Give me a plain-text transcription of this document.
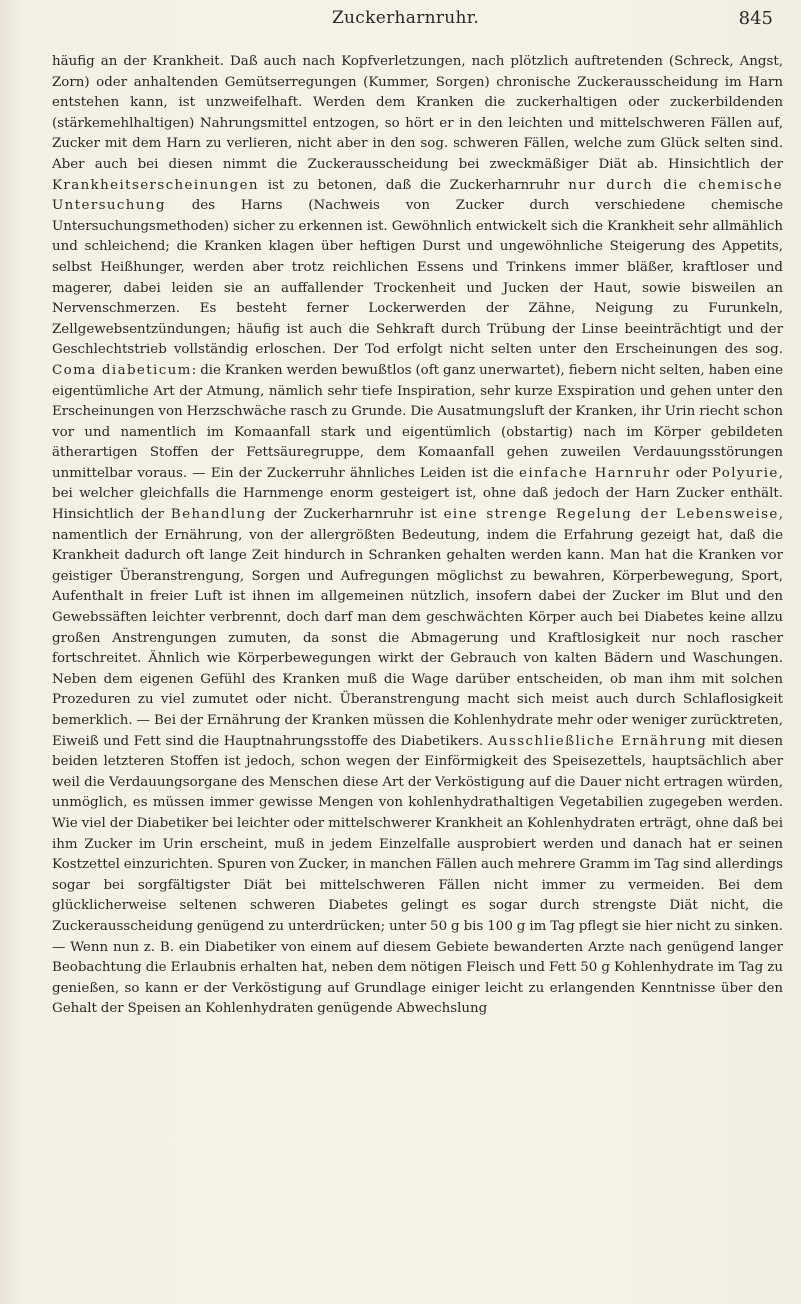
Zuckerharnruhr.	845

häufig an der Krankheit. Daß auch nach Kopfverletzungen, nach plötzlich auftretenden (Schreck, Angst, Zorn) oder anhaltenden Gemütserregungen (Kummer, Sorgen) chronische Zuckerausscheidung im Harn entstehen kann, ist unzweifelhaft. Werden dem Kranken die zuckerhaltigen oder zuckerbildenden (stärkemehlhaltigen) Nahrungsmittel entzogen, so hört er in den leichten und mittelschweren Fällen auf, Zucker mit dem Harn zu verlieren, nicht aber in den sog. schweren Fällen, welche zum Glück selten sind. Aber auch bei diesen nimmt die Zuckerausscheidung bei zweckmäßiger Diät ab. Hinsichtlich der Krankheitserscheinungen ist zu betonen, daß die Zuckerharnruhr nur durch die chemische Untersuchung des Harns (Nachweis von Zucker durch verschiedene chemische Untersuchungsmethoden) sicher zu erkennen ist. Gewöhnlich entwickelt sich die Krankheit sehr allmählich und schleichend; die Kranken klagen über heftigen Durst und ungewöhnliche Steigerung des Appetits, selbst Heißhunger, werden aber trotz reichlichen Essens und Trinkens immer bläßer, kraftloser und magerer, dabei leiden sie an auffallender Trockenheit und Jucken der Haut, sowie bisweilen an Nervenschmerzen. Es besteht ferner Lockerwerden der Zähne, Neigung zu Furunkeln, Zellgewebsentzündungen; häufig ist auch die Sehkraft durch Trübung der Linse beeinträchtigt und der Geschlechtstrieb vollständig erloschen. Der Tod erfolgt nicht selten unter den Erscheinungen des sog. Coma diabeticum: die Kranken werden bewußtlos (oft ganz unerwartet), fiebern nicht selten, haben eine eigentümliche Art der Atmung, nämlich sehr tiefe Inspiration, sehr kurze Exspiration und gehen unter den Erscheinungen von Herzschwäche rasch zu Grunde. Die Ausatmungsluft der Kranken, ihr Urin riecht schon vor und namentlich im Komaanfall stark und eigentümlich (obstartig) nach im Körper gebildeten ätherartigen Stoffen der Fettsäuregruppe, dem Komaanfall gehen zuweilen Verdauungsstörungen unmittelbar voraus. — Ein der Zuckerruhr ähnliches Leiden ist die einfache Harnruhr oder Polyurie, bei welcher gleichfalls die Harnmenge enorm gesteigert ist, ohne daß jedoch der Harn Zucker enthält. Hinsichtlich der Behandlung der Zuckerharnruhr ist eine strenge Regelung der Lebensweise, namentlich der Ernährung, von der allergrößten Bedeutung, indem die Erfahrung gezeigt hat, daß die Krankheit dadurch oft lange Zeit hindurch in Schranken gehalten werden kann. Man hat die Kranken vor geistiger Überanstrengung, Sorgen und Aufregungen möglichst zu bewahren, Körperbewegung, Sport, Aufenthalt in freier Luft ist ihnen im allgemeinen nützlich, insofern dabei der Zucker im Blut und den Gewebssäften leichter verbrennt, doch darf man dem geschwächten Körper auch bei Diabetes keine allzu großen Anstrengungen zumuten, da sonst die Abmagerung und Kraftlosigkeit nur noch rascher fortschreitet. Ähnlich wie Körperbewegungen wirkt der Gebrauch von kalten Bädern und Waschungen. Neben dem eigenen Gefühl des Kranken muß die Wage darüber entscheiden, ob man ihm mit solchen Prozeduren zu viel zumutet oder nicht. Überanstrengung macht sich meist auch durch Schlaflosigkeit bemerklich. — Bei der Ernährung der Kranken müssen die Kohlenhydrate mehr oder weniger zurücktreten, Eiweiß und Fett sind die Hauptnahrungsstoffe des Diabetikers. Ausschließliche Ernährung mit diesen beiden letzteren Stoffen ist jedoch, schon wegen der Einförmigkeit des Speisezettels, hauptsächlich aber weil die Verdauungsorgane des Menschen diese Art der Verköstigung auf die Dauer nicht ertragen würden, unmöglich, es müssen immer gewisse Mengen von kohlenhydrathaltigen Vegetabilien zugegeben werden. Wie viel der Diabetiker bei leichter oder mittelschwerer Krankheit an Kohlenhydraten erträgt, ohne daß bei ihm Zucker im Urin erscheint, muß in jedem Einzelfalle ausprobiert werden und danach hat er seinen Kostzettel einzurichten. Spuren von Zucker, in manchen Fällen auch mehrere Gramm im Tag sind allerdings sogar bei sorgfältigster Diät bei mittelschweren Fällen nicht immer zu vermeiden. Bei dem glücklicherweise seltenen schweren Diabetes gelingt es sogar durch strengste Diät nicht, die Zuckerausscheidung genügend zu unterdrücken; unter 50 g bis 100 g im Tag pflegt sie hier nicht zu sinken. — Wenn nun z. B. ein Diabetiker von einem auf diesem Gebiete bewanderten Arzte nach genügend langer Beobachtung die Erlaubnis erhalten hat, neben dem nötigen Fleisch und Fett 50 g Kohlenhydrate im Tag zu genießen, so kann er der Verköstigung auf Grundlage einiger leicht zu erlangenden Kenntnisse über den Gehalt der Speisen an Kohlenhydraten genügende Abwechslung
